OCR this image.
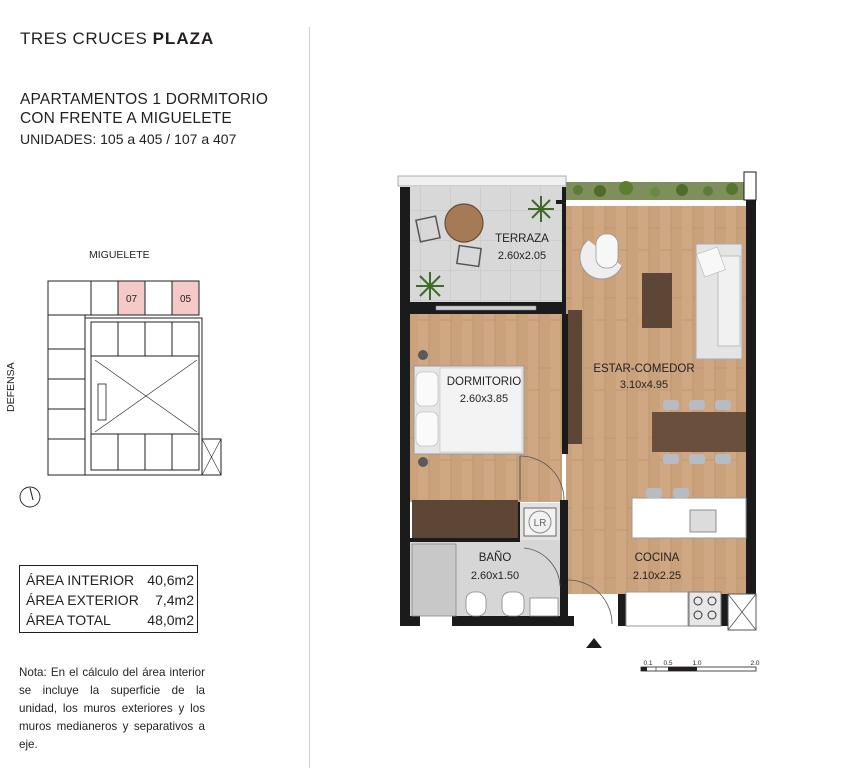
TRES CRUCES PLAZA
APARTAMENTOS 1 DORMITORIO
CON FRENTE A MIGUELETE
UNIDADES: 105 a 405 / 107 a 407
MIGUELETE
DEFENSA
07	05
ÁREA INTERIOR 40,6m2
ÁREA EXTERIOR 7,4m2
ÁREA TOTAL	48,0m2
Nota: En el cálculo del área interior se incluye la superficie de la unidad, los muros exteriores y los muros medianeros y separativos a eje.
TERRAZA
2.60x2.05
ESTAR-COMEDOR
3.10x4.95
DORMITORIO
2.60x3.85
BAÑO
2.60x1.50
COCINA
2.10x2.25
LR
0.1 0.5	1.0	2.0
